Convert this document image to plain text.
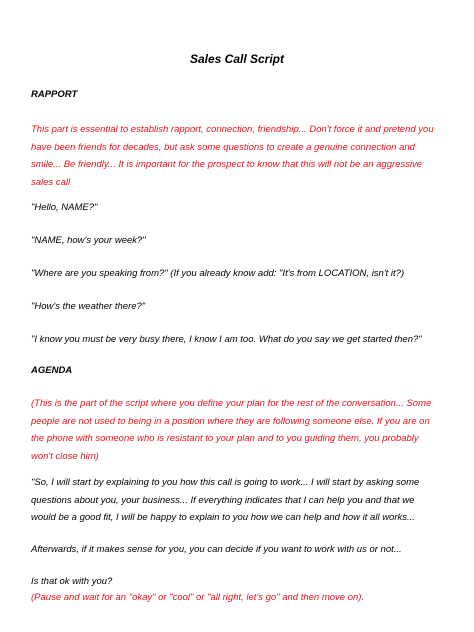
Sales Call Script
RAPPORT
This part is essential to establish rapport, connection, friendship... Don't force it and pretend you
have been friends for decades, but ask some questions to create a genuine connection and
smile... Be friendly... It is important for the prospect to know that this will not be an aggressive
sales call
"Hello, NAME?"
"NAME, how's your week?"
"Where are you speaking from?" (If you already know add: "It's from LOCATION, isn't it?)
"How's the weather there?"
"I know you must be very busy there, I know I am too. What do you say we get started then?"
AGENDA
(This is the part of the script where you define your plan for the rest of the conversation... Some
people are not used to being in a position where they are following someone else. If you are on
the phone with someone who is resistant to your plan and to you guiding them, you probably
won't close him)
"So, I will start by explaining to you how this call is going to work... I will start by asking some
questions about you, your business... If everything indicates that I can help you and that we
would be a good fit, I will be happy to explain to you how we can help and how it all works...
Afterwards, if it makes sense for you, you can decide if you want to work with us or not...
Is that ok with you?
(Pause and wait for an "okay" or "cool" or "all right, let's go" and then move on).
